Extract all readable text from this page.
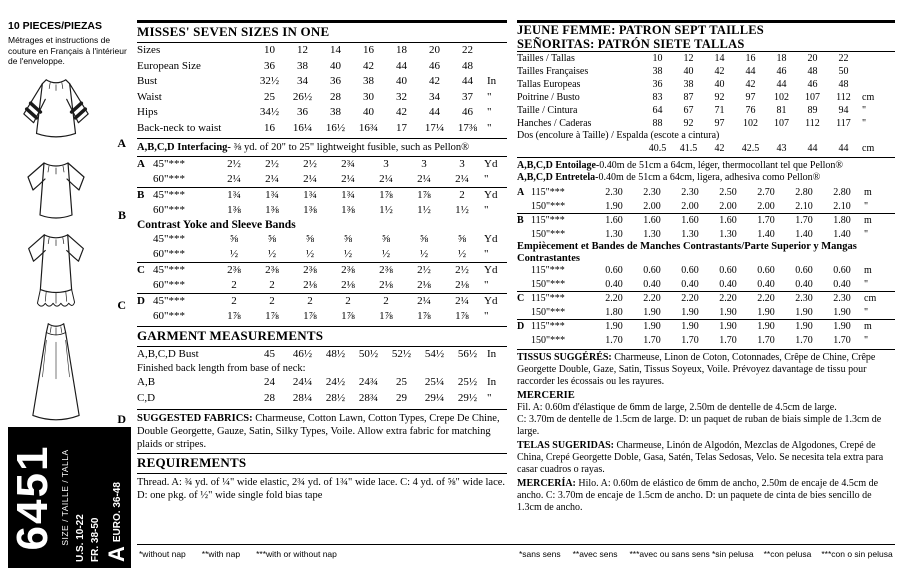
10 PIECES/PIEZAS
Métrages et instructions de couture en Français à l'intérieur de l'enveloppe.
A
B
C
D
6451 SIZE / TAILLE / TALLA U.S. 10-22 FR. 38-50 A
EURO. 36-48
MISSES' SEVEN SIZES IN ONE
Sizes	10	12	14	16	18	20	22
European Size	36	38	40	42	44	46	48
Bust	32½	34	36	38	40	42	44	In
Waist	25	26½	28	30	32	34	37	"
Hips	34½	36	38	40	42	44	46	"
Back-neck to waist	16	16¼	16½	16¾	17	17¼	17⅜ "

A,B,C,D Interfacing- ⅜ yd. of 20" to 25" lightweight fusible, such as Pellon®

A 45"***	2½	2½	2½	2¾	3	3	3	Yd
60"***	2¼	2¼	2¼	2¼	2¼	2¼	2¼	"
B 45"***	1¾	1¾	1¾	1¾	1⅞	1⅞	2	Yd
60"***	1⅜	1⅜	1⅜	1⅜	1½	1½	1½	"
Contrast Yoke and Sleeve Bands
45"***	⅝	⅝	⅝	⅝	⅝	⅝	⅝	Yd
60"***	½	½	½	½	½	½	½	"
C 45"***	2⅜	2⅜	2⅜	2⅜	2⅜	2½	2½	Yd
60"***	2	2	2⅛	2⅛	2⅛	2⅛	2⅛	"
D 45"***	2	2	2	2	2	2¼	2¼	Yd
60"***	1⅞	1⅞	1⅞	1⅞	1⅞	1⅞	1⅞	"
GARMENT MEASUREMENTS
A,B,C,D Bust	45	46½	48½	50½	52½	54½	56½ In
Finished back length from base of neck:
A,B	24	24¼	24½	24¾	25	25¼	25½ In
C,D	28	28¼	28½	28¾	29	29¼	29½ "

SUGGESTED FABRICS: Charmeuse, Cotton Lawn, Cotton Types, Crepe De Chine, Double Georgette, Gauze, Satin, Silky Types, Voile. Allow extra fabric for matching plaids or stripes.

REQUIREMENTS

Thread. A: ¾ yd. of ¼" wide elastic, 2¾ yd. of 1¾" wide lace. C: 4 yd. of ⅝" wide lace. D: one pkg. of ½" wide single fold bias tape

JEUNE FEMME: PATRON SEPT TAILLES
SEÑORITAS: PATRÓN SIETE TALLAS
Tailles / Tallas	10	12	14	16	18	20	22
Tailles Françaises	38	40	42	44	46	48	50
Tallas Europeas	36	38	40	42	44	46	48
Poitrine / Busto	83	87	92	97	102	107	112	cm
Taille / Cintura	64	67	71	76	81	89	94	"
Hanches / Caderas	88	92	97	102	107	112	117	"
Dos (encolure à Taille) / Espalda (escote a cintura)
40.5	41.5	42	42.5	43	44	44	cm

A,B,C,D Entoilage-0.40m de 51cm a 64cm, léger, thermocollant tel que Pellon®

A,B,C,D Entretela-0.40m de 51cm a 64cm, ligera, adhesiva como Pellon®

A 115"***	2.30	2.30	2.30	2.50	2.70	2.80	2.80	m
150"***	1.90	2.00	2.00	2.00	2.00	2.10	2.10	"
B 115"***	1.60	1.60	1.60	1.60	1.70	1.70	1.80	m
150"***	1.30	1.30	1.30	1.30	1.40	1.40	1.40	"
Empiècement et Bandes de Manches Contrastants/Parte Superior y Mangas Contrastantes
115"***	0.60	0.60	0.60	0.60	0.60	0.60	0.60	m
150"***	0.40	0.40	0.40	0.40	0.40	0.40	0.40	"
C 115"***	2.20	2.20	2.20	2.20	2.20	2.30	2.30	cm
150"***	1.80	1.90	1.90	1.90	1.90	1.90	1.90	"
D 115"***	1.90	1.90	1.90	1.90	1.90	1.90	1.90	m
150"***	1.70	1.70	1.70	1.70	1.70	1.70	1.70	"

TISSUS SUGGÉRÉS: Charmeuse, Linon de Coton, Cotonnades, Crêpe de Chine, Crêpe Georgette Double, Gaze, Satin, Tissus Soyeux, Voile. Prévoyez davantage de tissu pour raccorder les écossais ou les rayures.

MERCERIE

Fil. A: 0.60m d'élastique de 6mm de large, 2.50m de dentelle de 4.5cm de large.

C: 3.70m de dentelle de 1.5cm de large. D: un paquet de ruban de biais simple de 1.3cm de large.

TELAS SUGERIDAS: Charmeuse, Linón de Algodón, Mezclas de Algodones, Crepé de China, Crepé Georgette Doble, Gasa, Satén, Telas Sedosas, Velo. Se necesita tela extra para casar cuadros o rayas.

MERCERÍA: Hilo. A: 0.60m de elástico de 6mm de ancho, 2.50m de encaje de 4.5cm de ancho. C: 3.70m de encaje de 1.5cm de ancho. D: un paquete de cinta de bies sencillo de 1.3cm de ancho.

*without nap **with nap ***with or without nap	*sans sens **avec sens ***avec ou sans sens *sin pelusa **con pelusa ***con o sin pelusa
